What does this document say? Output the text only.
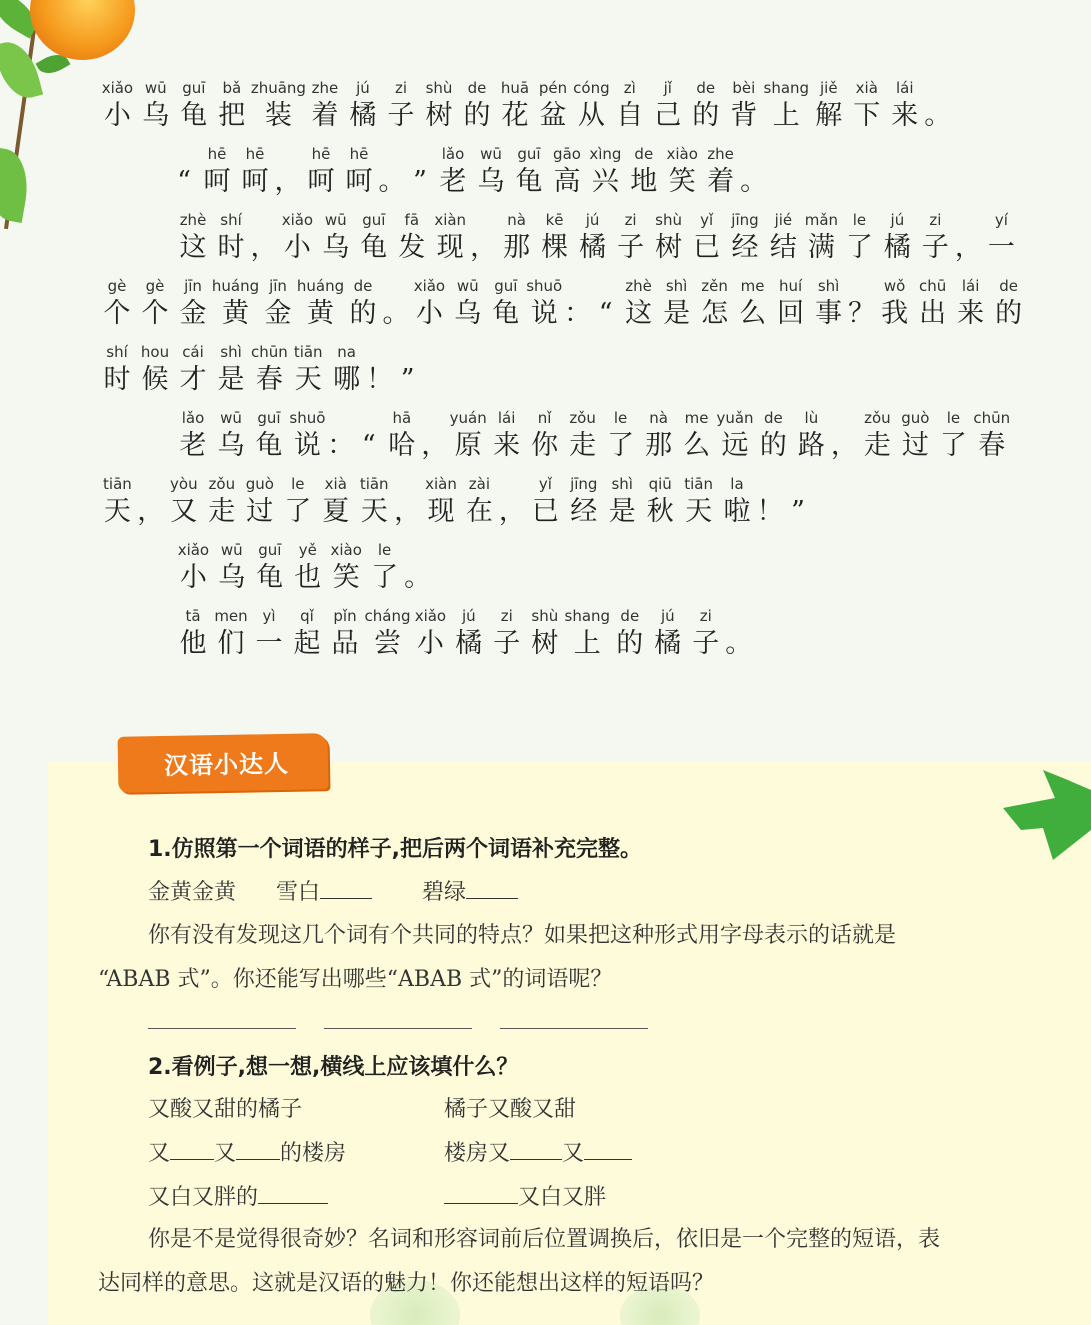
xiǎo
小
wū
乌
guī
龟
bǎ
把
zhuāng
装
zhe
着
jú
橘
zi
子
shù
树
de
的
huā
花
pén
盆
cóng
从
zì
自
jǐ
己
de
的
bèi
背
shang
上
jiě
解
xià
下
lái
来 。
“
hē
呵
hē
呵 ，
hē
呵
hē
呵 。 ”
lǎo
老
wū
乌
guī
龟
gāo
高
xìng
兴
de
地
xiào
笑
zhe
着 。
zhè
这
shí
时 ，
xiǎo
小
wū
乌
guī
龟
fā
发
xiàn
现 ，
nà
那
kē
棵
jú
橘
zi
子
shù
树
yǐ
已
jīng
经
jié
结
mǎn
满
le
了
jú
橘
zi
子 ，
yí
一
gè
个
gè
个
jīn
金
huáng
黄
jīn
金
huáng
黄
de
的 。
xiǎo
小
wū
乌
guī
龟
shuō
说 ： “
zhè
这
shì
是
zěn
怎
me
么
huí
回
shì
事 ？
wǒ
我
chū
出
lái
来
de
的
shí
时
hou
候
cái
才
shì
是
chūn
春
tiān
天
na
哪 ！ ”
lǎo
老
wū
乌
guī
龟
shuō
说 ： “
hā
哈 ，
yuán
原
lái
来
nǐ
你
zǒu
走
le
了
nà
那
me
么
yuǎn
远
de
的
lù
路 ，
zǒu
走
guò
过
le
了
chūn
春
tiān
天 ，
yòu
又
zǒu
走
guò
过
le
了
xià
夏
tiān
天 ，
xiàn
现
zài
在 ，
yǐ
已
jīng
经
shì
是
qiū
秋
tiān
天
la
啦 ！ ”
xiǎo
小
wū
乌
guī
龟
yě
也
xiào
笑
le
了 。
tā
他
men
们
yì
一
qǐ
起
pǐn
品
cháng
尝
xiǎo
小
jú
橘
zi
子
shù
树
shang
上
de
的
jú
橘
zi
子 。
汉语小达人
1.仿照第一个词语的样子,把后两个词语补充完整。
金黄金黄 雪白	碧绿
你有没有发现这几个词有个共同的特点？如果把这种形式用字母表示的话就是
“ABAB 式”。你还能写出哪些“ABAB 式”的词语呢？
2.看例子,想一想,横线上应该填什么？
又酸又甜的橘子	橘子又酸又甜
又 又 的楼房	楼房又 又
又白又胖的	又白又胖
你是不是觉得很奇妙？名词和形容词前后位置调换后，依旧是一个完整的短语，表
达同样的意思。这就是汉语的魅力！你还能想出这样的短语吗？
